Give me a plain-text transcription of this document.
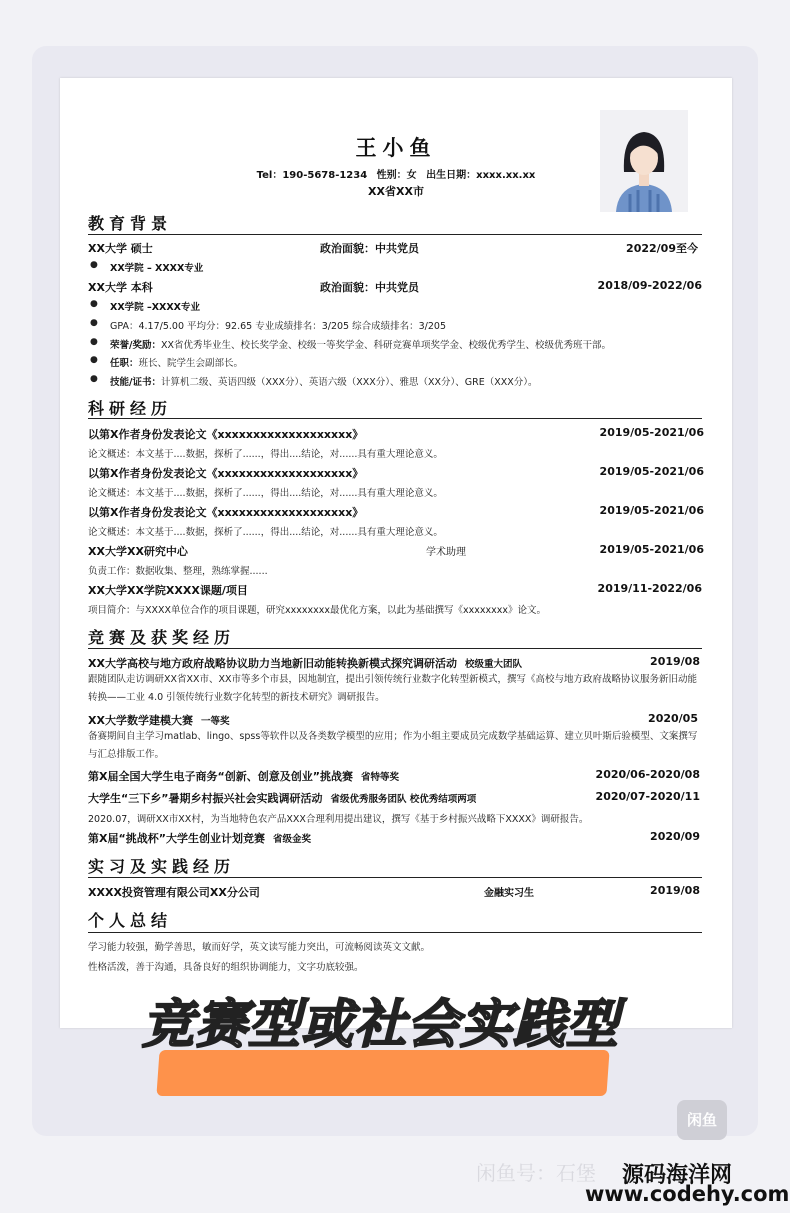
王小鱼
Tel：190-5678-1234 性别：女 出生日期：xxxx.xx.xx
XX省XX市
教育背景
XX大学 硕士	政治面貌：中共党员	2022/09至今
● XX学院 – XXXX专业
XX大学 本科	政治面貌：中共党员	2018/09-2022/06
● XX学院 –XXXX专业
● GPA：4.17/5.00 平均分：92.65 专业成绩排名：3/205 综合成绩排名：3/205
● 荣誉/奖励：XX省优秀毕业生、校长奖学金、校级一等奖学金、科研竞赛单项奖学金、校级优秀学生、校级优秀班干部。
● 任职：班长、院学生会副部长。
● 技能/证书：计算机二级、英语四级（XXX分）、英语六级（XXX分）、雅思（XX分）、GRE（XXX分）。
科研经历
以第X作者身份发表论文《xxxxxxxxxxxxxxxxxxx》	2019/05-2021/06
论文概述：本文基于....数据，探析了......，得出....结论，对......具有重大理论意义。
以第X作者身份发表论文《xxxxxxxxxxxxxxxxxxx》	2019/05-2021/06
论文概述：本文基于....数据，探析了......，得出....结论，对......具有重大理论意义。
以第X作者身份发表论文《xxxxxxxxxxxxxxxxxxx》	2019/05-2021/06
论文概述：本文基于....数据，探析了......，得出....结论，对......具有重大理论意义。
XX大学XX研究中心	学术助理	2019/05-2021/06
负责工作：数据收集、整理，熟练掌握......
XX大学XX学院XXXX课题/项目	2019/11-2022/06
项目简介：与XXXX单位合作的项目课题，研究xxxxxxxx最优化方案，以此为基础撰写《xxxxxxxx》论文。
竞赛及获奖经历
XX大学高校与地方政府战略协议助力当地新旧动能转换新模式探究调研活动 校级重大团队	2019/08
跟随团队走访调研XX省XX市、XX市等多个市县，因地制宜，提出引领传统行业数字化转型新模式，撰写《高校与地方政府战略协议服务新旧动能转换——工业 4.0 引领传统行业数字化转型的新技术研究》调研报告。
XX大学数学建模大赛 一等奖	2020/05
备赛期间自主学习matlab、lingo、spss等软件以及各类数学模型的应用；作为小组主要成员完成数学基础运算、建立贝叶斯后验模型、文案撰写与汇总排版工作。
第X届全国大学生电子商务“创新、创意及创业”挑战赛 省特等奖	2020/06-2020/08
大学生“三下乡”暑期乡村振兴社会实践调研活动 省级优秀服务团队 校优秀结项两项	2020/07-2020/11
2020.07，调研XX市XX村，为当地特色农产品XXX合理利用提出建议，撰写《基于乡村振兴战略下XXXX》调研报告。
第X届“挑战杯”大学生创业计划竞赛 省级金奖	2020/09
实习及实践经历
XXXX投资管理有限公司XX分公司	金融实习生	2019/08
个人总结
学习能力较强，勤学善思，敏而好学，英文读写能力突出，可流畅阅读英文文献。
性格活泼，善于沟通，具备良好的组织协调能力，文字功底较强。
竞赛型或社会实践型
闲鱼
闲鱼号：石堡 源码海洋网
www.codehy.com
